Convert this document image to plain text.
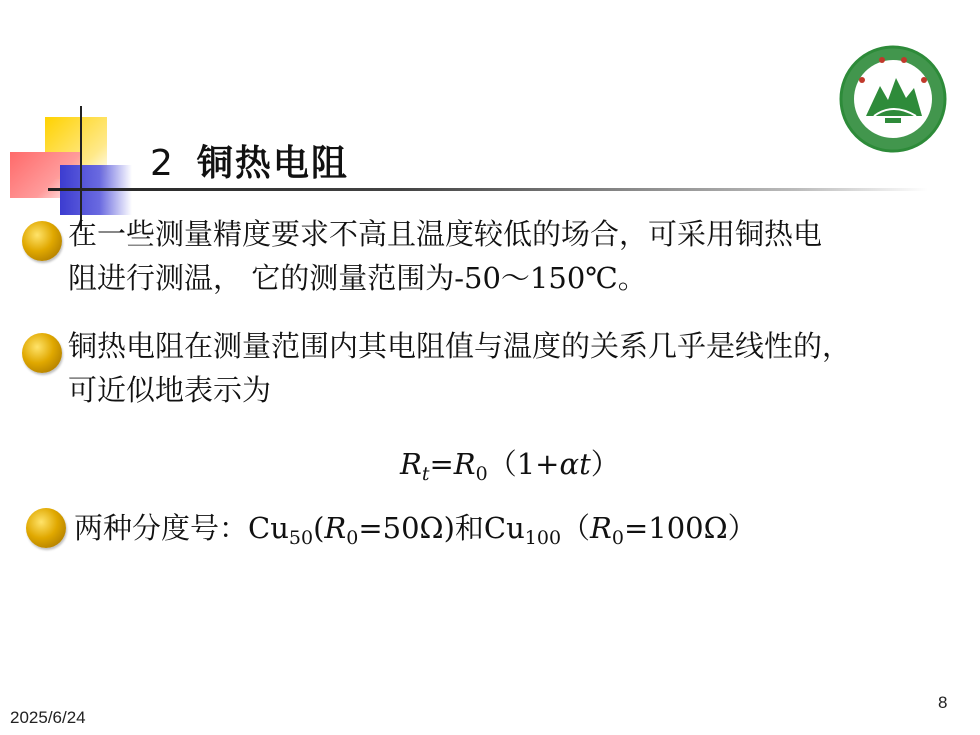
2 铜热电阻
在一些测量精度要求不高且温度较低的场合，可采用铜热电
阻进行测温， 它的测量范围为-50～150℃。
铜热电阻在测量范围内其电阻值与温度的关系几乎是线性的，
可近似地表示为
$R_t=R_0(1+\alpha t)$
两种分度号：$Cu_{50}(R_0=50\Omega)$和$Cu_{100}(R_0=100\Omega)$
8
2025/6/24
